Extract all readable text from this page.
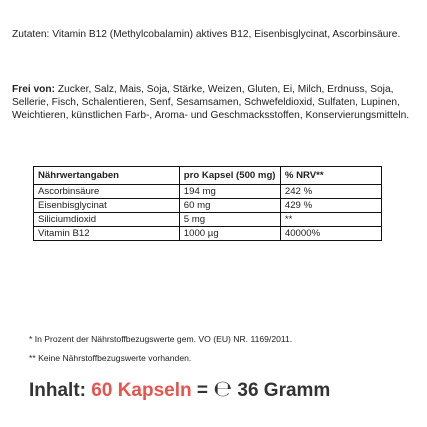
Zutaten: Vitamin B12 (Methylcobalamin) aktives B12, Eisenbisglycinat, Ascorbinsäure.
Frei von: Zucker, Salz, Mais, Soja, Stärke, Weizen, Gluten, Ei, Milch, Erdnuss, Soja, Sellerie, Fisch, Schalentieren, Senf, Sesamsamen, Schwefeldioxid, Sulfaten, Lupinen, Weichtieren, künstlichen Farb-, Aroma- und Geschmacksstoffen, Konservierungsmitteln.
Nährwertangaben	pro Kapsel (500 mg)	% NRV**
Ascorbinsäure	194 mg	242 %
Eisenbisglycinat	60 mg	429 %
Siliciumdioxid	5 mg	**
Vitamin B12	1000 µg	40000%
* In Prozent der Nährstoffbezugswerte gem. VO (EU) NR. 1169/2011.
** Keine Nährstoffbezugswerte vorhanden.
Inhalt: 60 Kapseln = ℮ 36 Gramm
